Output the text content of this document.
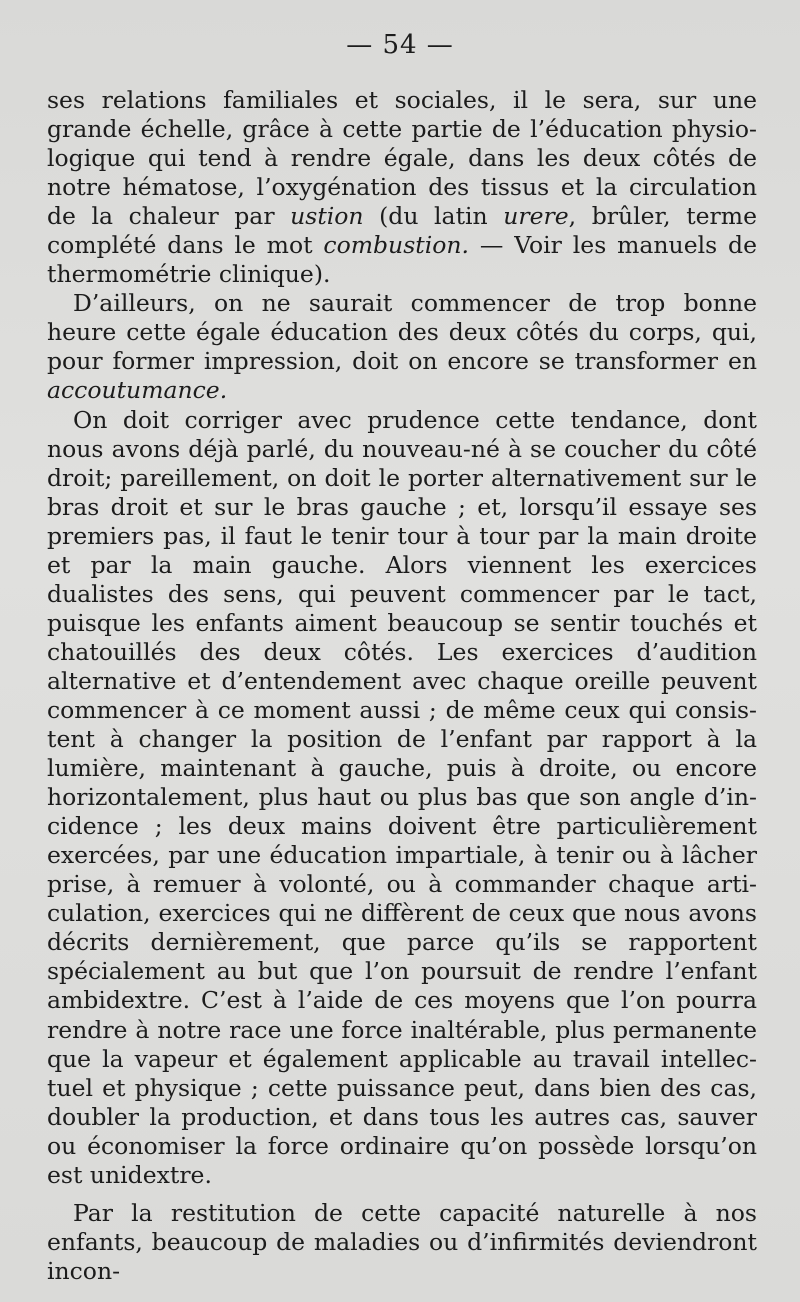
— 54 —

ses relations familiales et sociales, il le sera, sur une grande échelle, grâce à cette partie de l’éducation physiologique qui tend à rendre égale, dans les deux côtés de notre hématose, l’oxygénation des tissus et la circulation de la chaleur par ustion (du latin urere, brûler, terme complété dans le mot combustion. — Voir les manuels de thermométrie clinique).

D’ailleurs, on ne saurait commencer de trop bonne heure cette égale éducation des deux côtés du corps, qui, pour former impression, doit on encore se transformer en accoutumance.

On doit corriger avec prudence cette tendance, dont nous avons déjà parlé, du nouveau-né à se coucher du côté droit; pareillement, on doit le porter alternativement sur le bras droit et sur le bras gauche ; et, lorsqu’il essaye ses premiers pas, il faut le tenir tour à tour par la main droite et par la main gauche. Alors viennent les exercices dualistes des sens, qui peuvent commencer par le tact, puisque les enfants aiment beaucoup se sentir touchés et chatouillés des deux côtés. Les exercices d’audition alternative et d’entendement avec chaque oreille peuvent commencer à ce moment aussi ; de même ceux qui consistent à changer la position de l’enfant par rapport à la lumière, maintenant à gauche, puis à droite, ou encore horizontalement, plus haut ou plus bas que son angle d’incidence ; les deux mains doivent être particulièrement exercées, par une éducation impartiale, à tenir ou à lâcher prise, à remuer à volonté, ou à commander chaque articulation, exercices qui ne diffèrent de ceux que nous avons décrits dernièrement, que parce qu’ils se rapportent spécialement au but que l’on poursuit de rendre l’enfant ambidextre. C’est à l’aide de ces moyens que l’on pourra rendre à notre race une force inaltérable, plus permanente que la vapeur et également applicable au travail intellectuel et physique ; cette puissance peut, dans bien des cas, doubler la production, et dans tous les autres cas, sauver ou économiser la force ordinaire qu’on possède lorsqu’on est unidextre.

Par la restitution de cette capacité naturelle à nos enfants, beaucoup de maladies ou d’infirmités deviendront incon-
